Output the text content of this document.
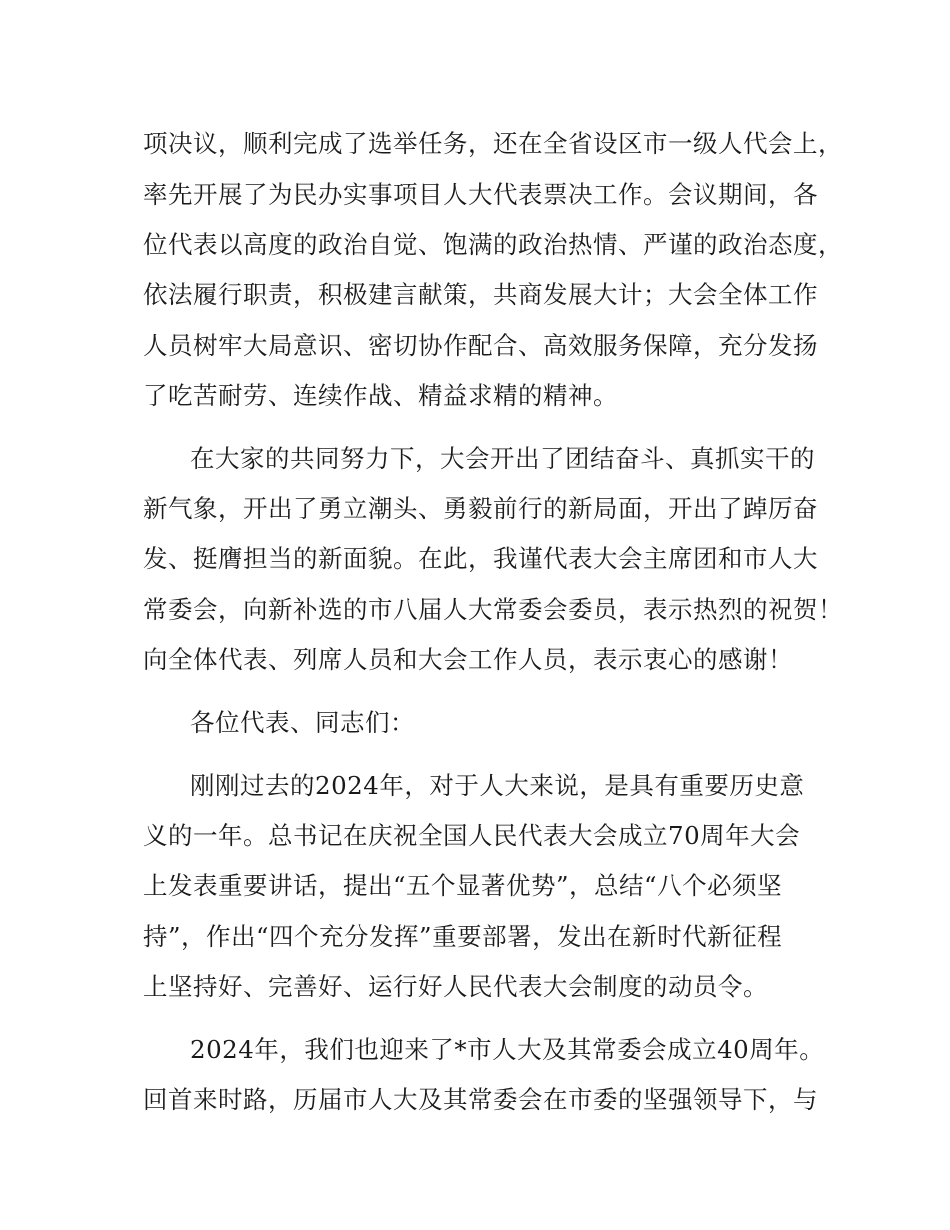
项决议，顺利完成了选举任务，还在全省设区市一级人代会上，
率先开展了为民办实事项目人大代表票决工作。会议期间，各
位代表以高度的政治自觉、饱满的政治热情、严谨的政治态度，
依法履行职责，积极建言献策，共商发展大计；大会全体工作
人员树牢大局意识、密切协作配合、高效服务保障，充分发扬
了吃苦耐劳、连续作战、精益求精的精神。
在大家的共同努力下，大会开出了团结奋斗、真抓实干的
新气象，开出了勇立潮头、勇毅前行的新局面，开出了踔厉奋
发、挺膺担当的新面貌。在此，我谨代表大会主席团和市人大
常委会，向新补选的市八届人大常委会委员，表示热烈的祝贺！
向全体代表、列席人员和大会工作人员，表示衷心的感谢！
各位代表、同志们：
刚刚过去的2024年，对于人大来说，是具有重要历史意
义的一年。总书记在庆祝全国人民代表大会成立70周年大会
上发表重要讲话，提出“五个显著优势”，总结“八个必须坚
持”，作出“四个充分发挥”重要部署，发出在新时代新征程
上坚持好、完善好、运行好人民代表大会制度的动员令。
2024年，我们也迎来了*市人大及其常委会成立40周年。
回首来时路，历届市人大及其常委会在市委的坚强领导下，与
